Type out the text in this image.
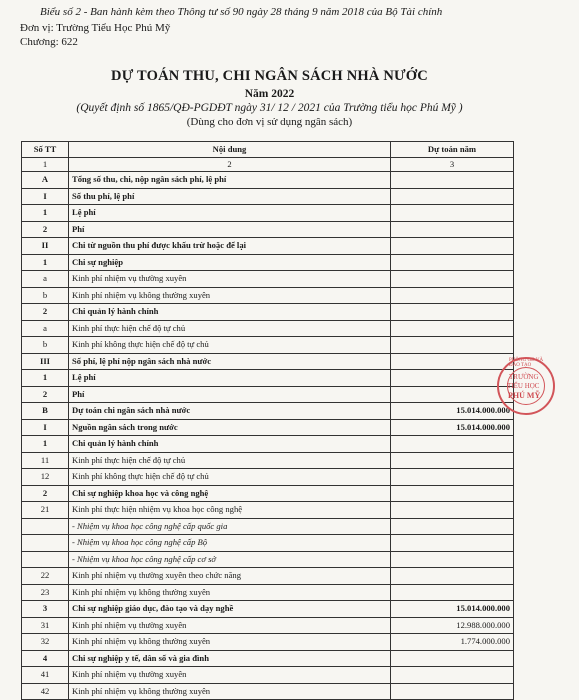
Biểu số 2 - Ban hành kèm theo Thông tư số 90 ngày 28 tháng 9 năm 2018 của Bộ Tài chính
Đơn vị: Trường Tiểu Học Phú Mỹ
Chương: 622
DỰ TOÁN THU, CHI NGÂN SÁCH NHÀ NƯỚC
Năm 2022
(Quyết định số 1865/QĐ-PGDĐT ngày 31/ 12 / 2021 của Trường tiểu học Phú Mỹ )
(Dùng cho đơn vị sử dụng ngân sách)
Số TT	Nội dung	Dự toán năm
1	2	3
A	Tổng số thu, chi, nộp ngân sách phí, lệ phí	
I	Số thu phí, lệ phí	
1	Lệ phí	
2	Phí	
II	Chi từ nguồn thu phí được khấu trừ hoặc để lại	
1	Chi sự nghiệp	
a	Kinh phí nhiệm vụ thường xuyên	
b	Kinh phí nhiệm vụ không thường xuyên	
2	Chi quản lý hành chính	
a	Kinh phí thực hiện chế độ tự chủ	
b	Kinh phí không thực hiện chế độ tự chủ	
III	Số phí, lệ phí nộp ngân sách nhà nước	
1	Lệ phí	
2	Phí	
B	Dự toán chi ngân sách nhà nước	15.014.000.000
I	Nguồn ngân sách trong nước	15.014.000.000
1	Chi quản lý hành chính	
11	Kinh phí thực hiện chế độ tự chủ	
12	Kinh phí không thực hiện chế độ tự chủ	
2	Chi sự nghiệp khoa học và công nghệ	
21	Kinh phí thực hiện nhiệm vụ khoa học công nghệ	
	- Nhiệm vụ khoa học công nghệ cấp quốc gia	
	- Nhiệm vụ khoa học công nghệ cấp Bộ	
	- Nhiệm vụ khoa học công nghệ cấp cơ sở	
22	Kinh phí nhiệm vụ thường xuyên theo chức năng	
23	Kinh phí nhiệm vụ không thường xuyên	
3	Chi sự nghiệp giáo dục, đào tạo và dạy nghề	15.014.000.000
31	Kinh phí nhiệm vụ thường xuyên	12.988.000.000
32	Kinh phí nhiệm vụ không thường xuyên	1.774.000.000
4	Chi sự nghiệp y tế, dân số và gia đình	
41	Kinh phí nhiệm vụ thường xuyên	
42	Kinh phí nhiệm vụ không thường xuyên	
PHÒNG GD VÀ ĐÀO TẠO
TRƯỜNG
TIỂU HỌC
PHÚ MỸ
